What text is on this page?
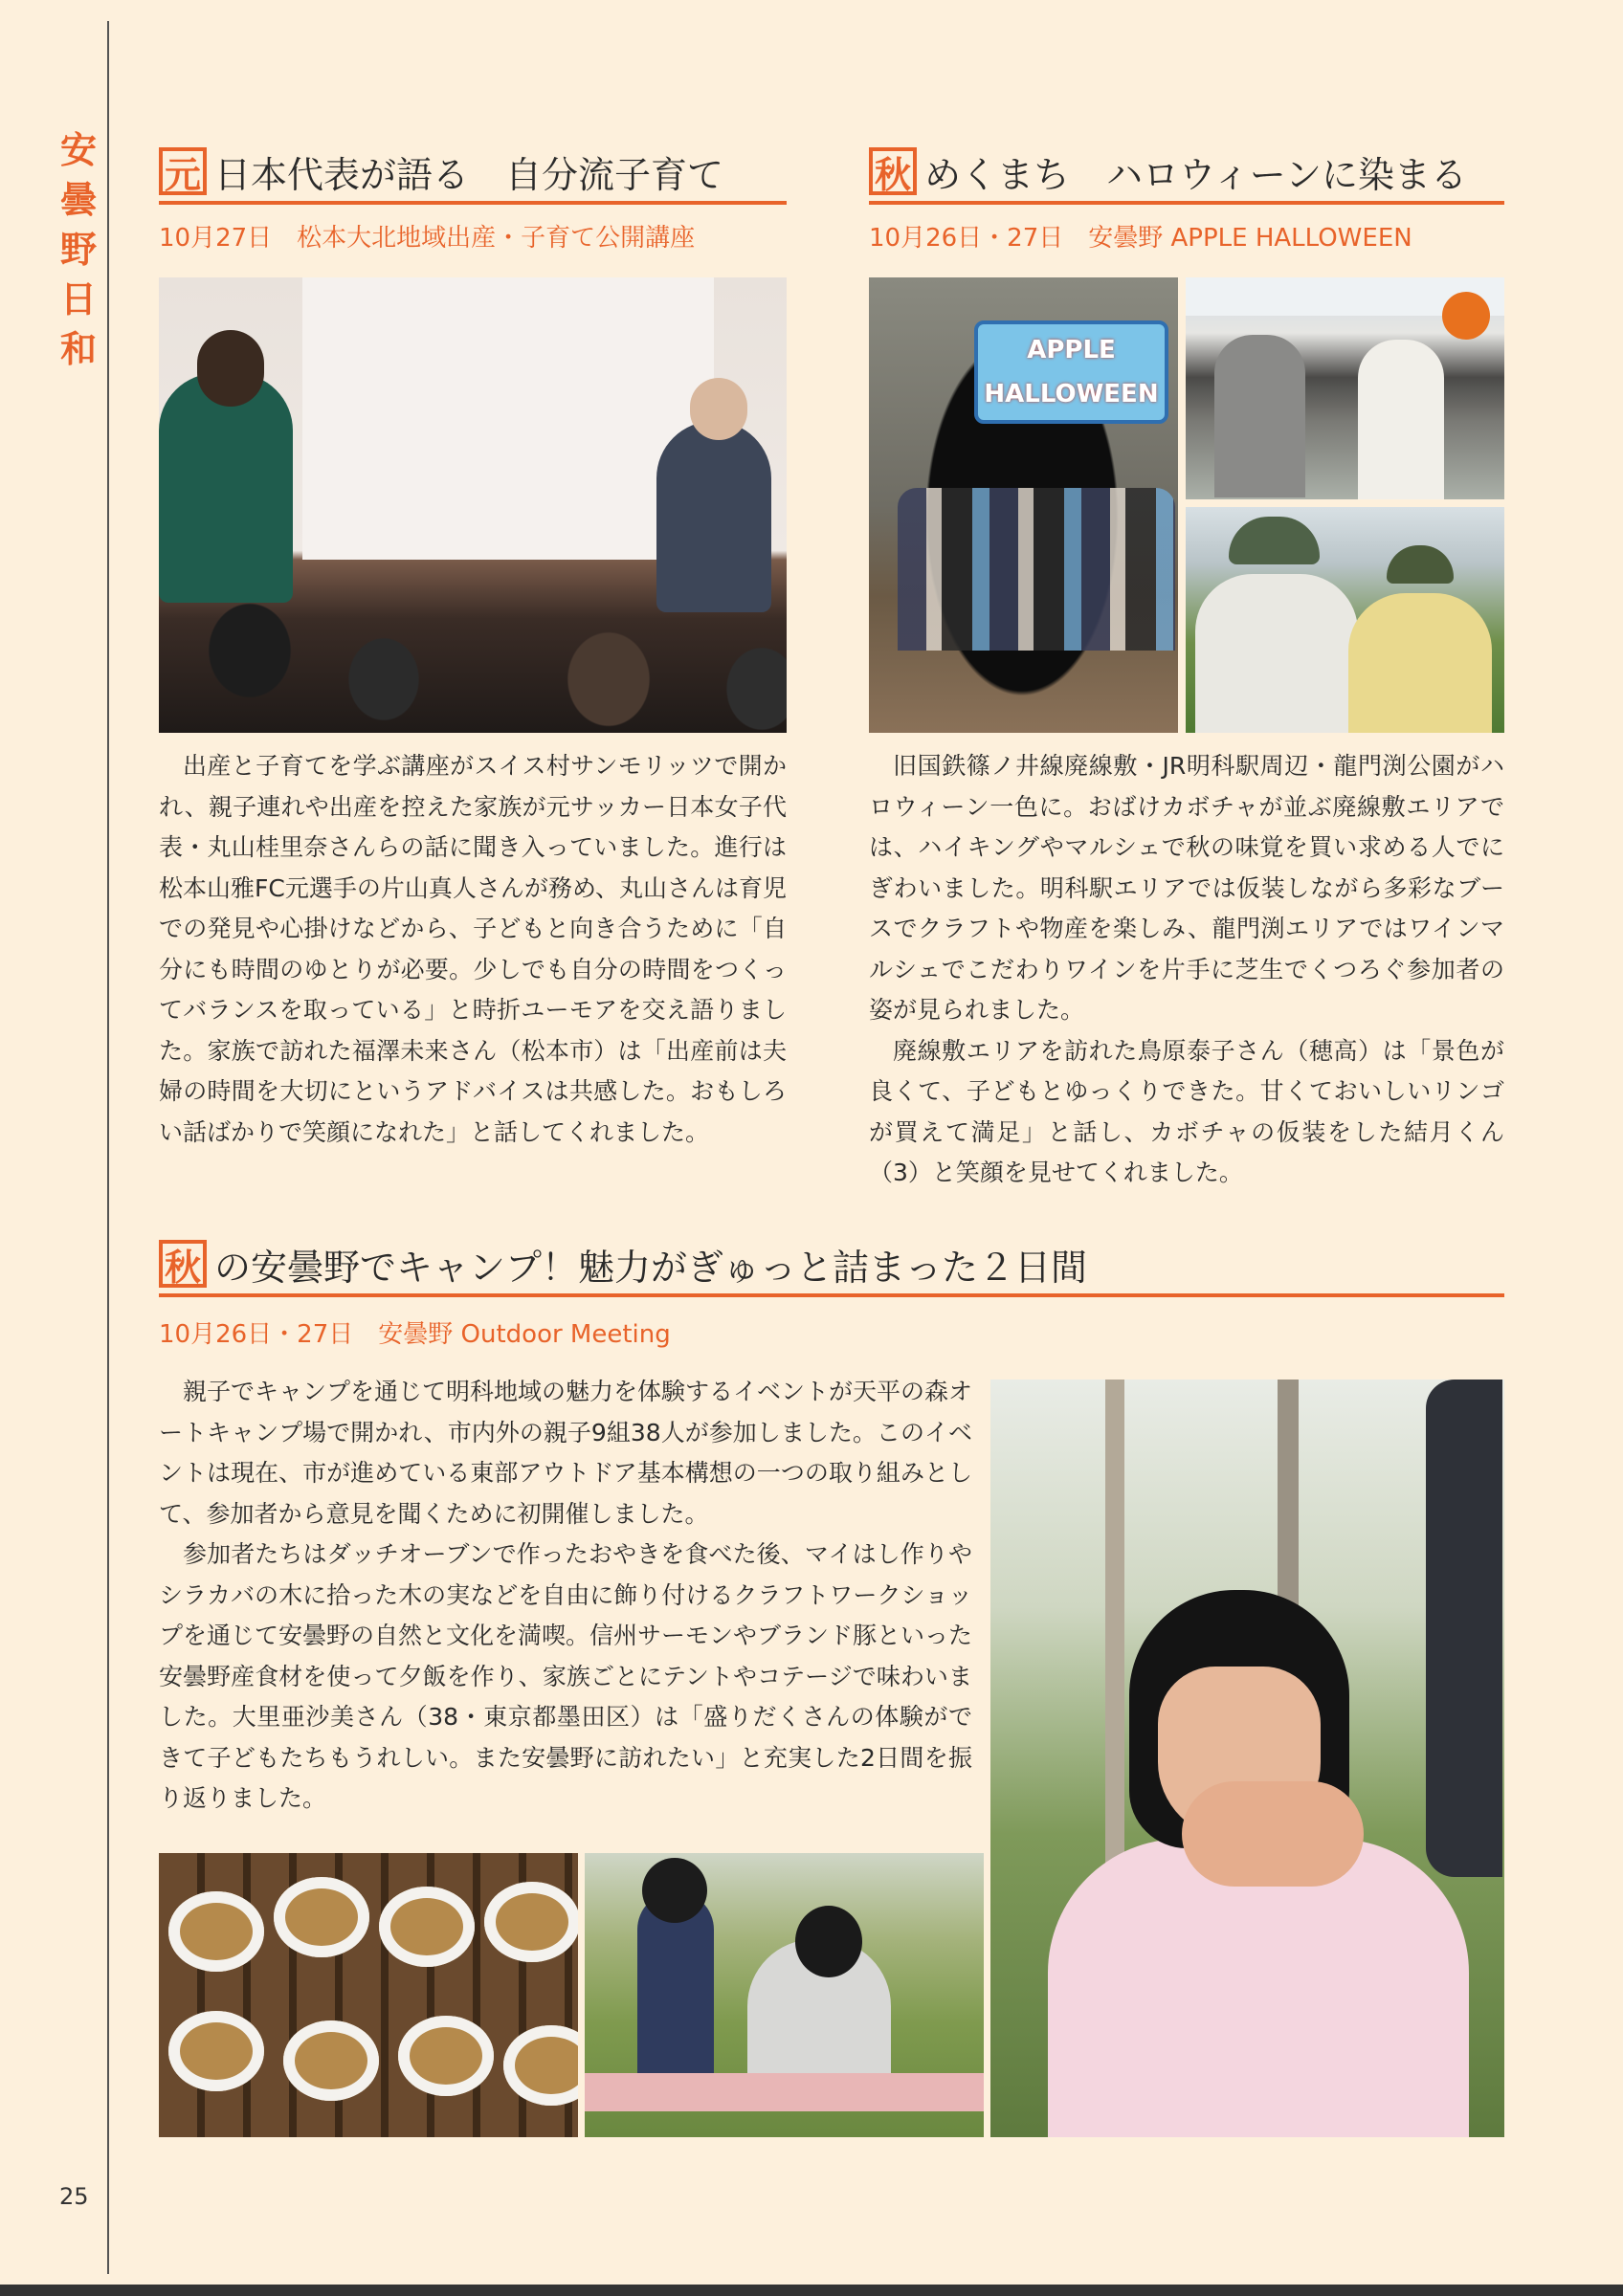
安
曇
野
日
和
25
元 日本代表が語る　自分流子育て
10月27日　松本大北地域出産・子育て公開講座

出産と子育てを学ぶ講座がスイス村サンモリッツで開かれ、親子連れや出産を控えた家族が元サッカー日本女子代表・丸山桂里奈さんらの話に聞き入っていました。進行は松本山雅FC元選手の片山真人さんが務め、丸山さんは育児での発見や心掛けなどから、子どもと向き合うために「自分にも時間のゆとりが必要。少しでも自分の時間をつくってバランスを取っている」と時折ユーモアを交え語りました。家族で訪れた福澤未来さん（松本市）は「出産前は夫婦の時間を大切にというアドバイスは共感した。おもしろい話ばかりで笑顔になれた」と話してくれました。

秋 めくまち　ハロウィーンに染まる
10月26日・27日　安曇野 APPLE HALLOWEEN
APPLE HALLOWEEN

旧国鉄篠ノ井線廃線敷・JR明科駅周辺・龍門渕公園がハロウィーン一色に。おばけカボチャが並ぶ廃線敷エリアでは、ハイキングやマルシェで秋の味覚を買い求める人でにぎわいました。明科駅エリアでは仮装しながら多彩なブースでクラフトや物産を楽しみ、龍門渕エリアではワインマルシェでこだわりワインを片手に芝生でくつろぐ参加者の姿が見られました。

廃線敷エリアを訪れた鳥原泰子さん（穂高）は「景色が良くて、子どもとゆっくりできた。甘くておいしいリンゴが買えて満足」と話し、カボチャの仮装をした結月くん（3）と笑顔を見せてくれました。

秋 の安曇野でキャンプ！魅力がぎゅっと詰まった２日間
10月26日・27日　安曇野 Outdoor Meeting

親子でキャンプを通じて明科地域の魅力を体験するイベントが天平の森オートキャンプ場で開かれ、市内外の親子9組38人が参加しました。このイベントは現在、市が進めている東部アウトドア基本構想の一つの取り組みとして、参加者から意見を聞くために初開催しました。

参加者たちはダッチオーブンで作ったおやきを食べた後、マイはし作りやシラカバの木に拾った木の実などを自由に飾り付けるクラフトワークショップを通じて安曇野の自然と文化を満喫。信州サーモンやブランド豚といった安曇野産食材を使って夕飯を作り、家族ごとにテントやコテージで味わいました。大里亜沙美さん（38・東京都墨田区）は「盛りだくさんの体験ができて子どもたちもうれしい。また安曇野に訪れたい」と充実した2日間を振り返りました。
